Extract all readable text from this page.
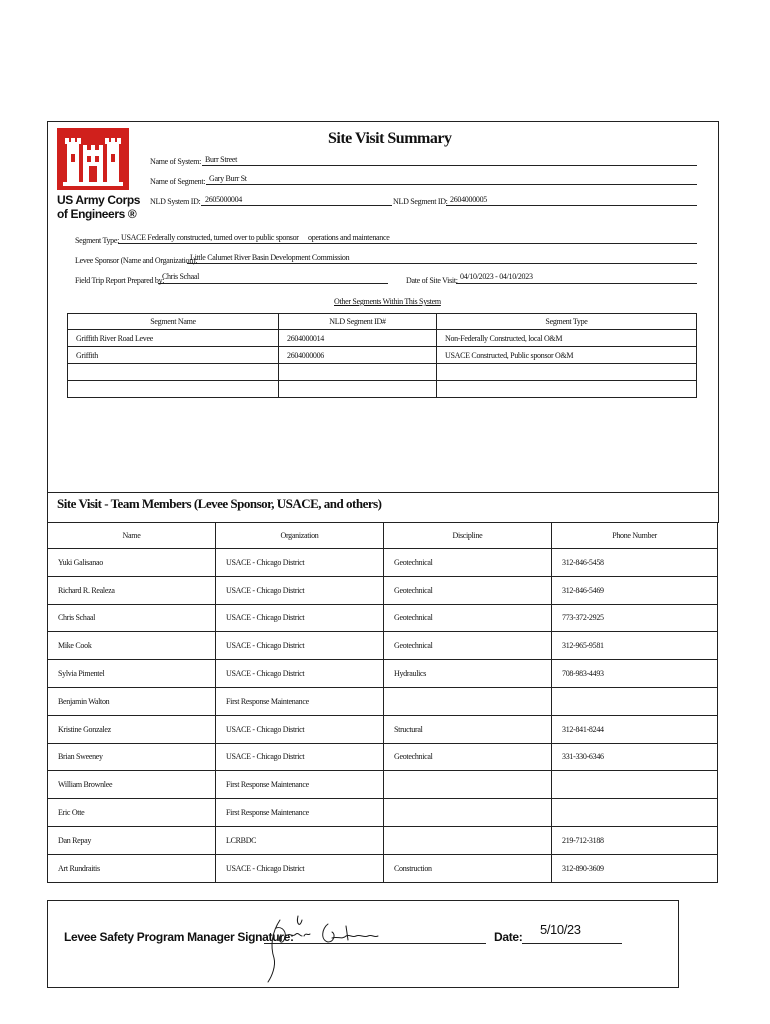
US Army Corps
of Engineers ®
Site Visit Summary
Name of System: Burr Street
Name of Segment: Gary Burr St
NLD System ID: 2605000004	NLD Segment ID: 2604000005
Segment Type: USACE Federally constructed, turned over to public sponsor operations and maintenance
Levee Sponsor (Name and Organization):
Little Calumet River Basin Development Commission
Field Trip Report Prepared by:
Chris Schaal	Date of Site Visit: 04/10/2023 - 04/10/2023
Other Segments Within This System
Segment Name	NLD Segment ID#	Segment Type
Griffith River Road Levee	2604000014	Non-Federally Constructed, local O&M
Griffith	2604000006	USACE Constructed, Public sponsor O&M

Site Visit - Team Members (Levee Sponsor, USACE, and others)
Name	Organization	Discipline	Phone Number
Yuki Galisanao	USACE - Chicago District	Geotechnical	312-846-5458
Richard R. Realeza	USACE - Chicago District	Geotechnical	312-846-5469
Chris Schaal	USACE - Chicago District	Geotechnical	773-372-2925
Mike Cook	USACE - Chicago District	Geotechnical	312-965-9581
Sylvia Pimentel	USACE - Chicago District	Hydraulics	708-983-4493
Benjamin Walton	First Response Maintenance		
Kristine Gonzalez	USACE - Chicago District	Structural	312-841-8244
Brian Sweeney	USACE - Chicago District	Geotechnical	331-330-6346
William Brownlee	First Response Maintenance		
Eric Otte	First Response Maintenance		
Dan Repay	LCRBDC		219-712-3188
Art Rundraitis	USACE - Chicago District	Construction	312-890-3609
Levee Safety Program Manager Signature:	Date: 5/10/23
